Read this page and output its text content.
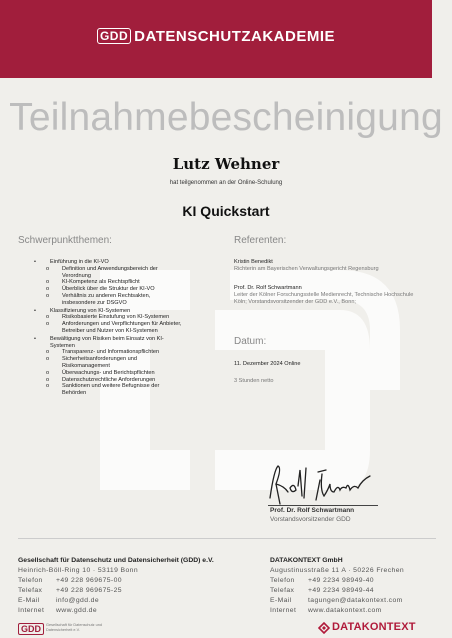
GDD DATENSCHUTZAKADEMIE
Teilnahmebescheinigung
Lutz Wehner
hat teilgenommen an der Online-Schulung
KI Quickstart
Schwerpunktthemen:
• Einführung in die KI-VO
o Definition und Anwendungsbereich der Verordnung
o KI-Kompetenz als Rechtspflicht
o Überblick über die Struktur der KI-VO
o Verhältnis zu anderen Rechtsakten, insbesondere zur DSGVO
• Klassifizierung von KI-Systemen
o Risikobasierte Einstufung von KI-Systemen
o Anforderungen und Verpflichtungen für Anbieter, Betreiber und Nutzer von KI-Systemen
• Bewältigung von Risiken beim Einsatz von KI-Systemen
o Transparenz- und Informationspflichten
o Sicherheitsanforderungen und Risikomanagement
o Überwachungs- und Berichtspflichten
o Datenschutzrechtliche Anforderungen
o Sanktionen und weitere Befugnisse der Behörden
Referenten:
Kristin Benedikt
Richterin am Bayerischen Verwaltungsgericht Regensburg
Prof. Dr. Rolf Schwartmann
Leiter der Kölner Forschungsstelle Medienrecht, Technische Hochschule Köln; Vorstandsvorsitzender der GDD e.V., Bonn;
Datum:
11. Dezember 2024 Online
3 Stunden netto
Prof. Dr. Rolf Schwartmann
Vorstandsvorsitzender GDD
Gesellschaft für Datenschutz und Datensicherheit (GDD) e.V.
Heinrich-Böll-Ring 10 · 53119 Bonn
Telefon +49 228 969675-00
Telefax +49 228 969675-25
E-Mail info@gdd.de
Internet www.gdd.de
DATAKONTEXT GmbH
Augustinusstraße 11 A · 50226 Frechen
Telefon +49 2234 98949-40
Telefax +49 2234 98949-44
E-Mail tagungen@datakontext.com
Internet www.datakontext.com
GDD	Gesellschaft für Datenschutz und Datensicherheit e.V.	DATAKONTEXT
